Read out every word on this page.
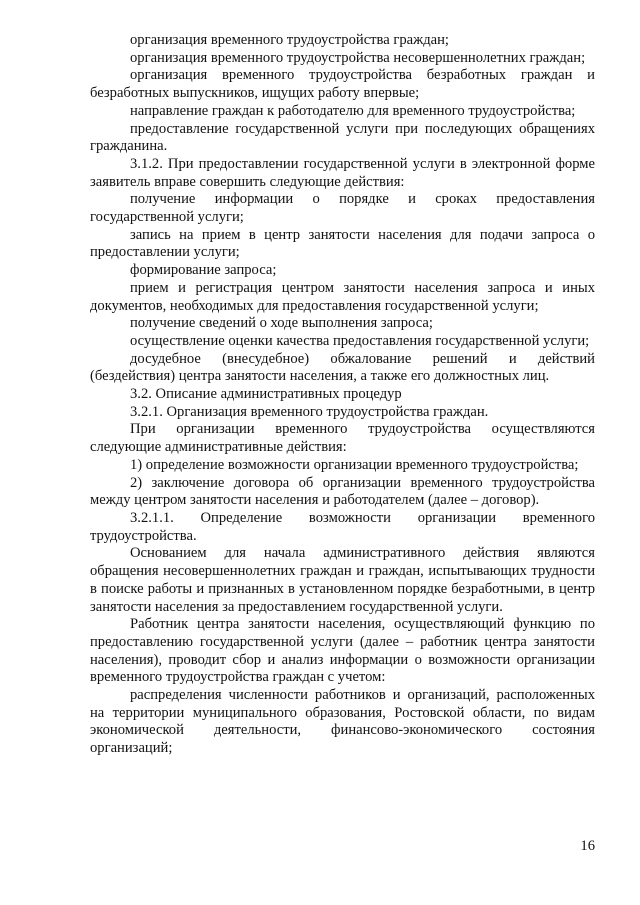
организация временного трудоустройства граждан;

организация временного трудоустройства несовершеннолетних граждан;

организация временного трудоустройства безработных граждан и безработных выпускников, ищущих работу впервые;

направление граждан к работодателю для временного трудоустройства;

предоставление государственной услуги при последующих обращениях гражданина.

3.1.2. При предоставлении государственной услуги в электронной форме заявитель вправе совершить следующие действия:

получение информации о порядке и сроках предоставления государственной услуги;

запись на прием в центр занятости населения для подачи запроса о предоставлении услуги;

формирование запроса;

прием и регистрация центром занятости населения запроса и иных документов, необходимых для предоставления государственной услуги;

получение сведений о ходе выполнения запроса;

осуществление оценки качества предоставления государственной услуги;

досудебное (внесудебное) обжалование решений и действий (бездействия) центра занятости населения, а также его должностных лиц.

3.2. Описание административных процедур

3.2.1. Организация временного трудоустройства граждан.

При организации временного трудоустройства осуществляются следующие административные действия:

1) определение возможности организации временного трудоустройства;

2) заключение договора об организации временного трудоустройства между центром занятости населения и работодателем (далее – договор).

3.2.1.1. Определение возможности организации временного трудоустройства.

Основанием для начала административного действия являются обращения несовершеннолетних граждан и граждан, испытывающих трудности в поиске работы и признанных в установленном порядке безработными, в центр занятости населения за предоставлением государственной услуги.

Работник центра занятости населения, осуществляющий функцию по предоставлению государственной услуги (далее – работник центра занятости населения), проводит сбор и анализ информации о возможности организации временного трудоустройства граждан с учетом:

распределения численности работников и организаций, расположенных на территории муниципального образования, Ростовской области, по видам экономической деятельности, финансово-экономического состояния организаций;

16
